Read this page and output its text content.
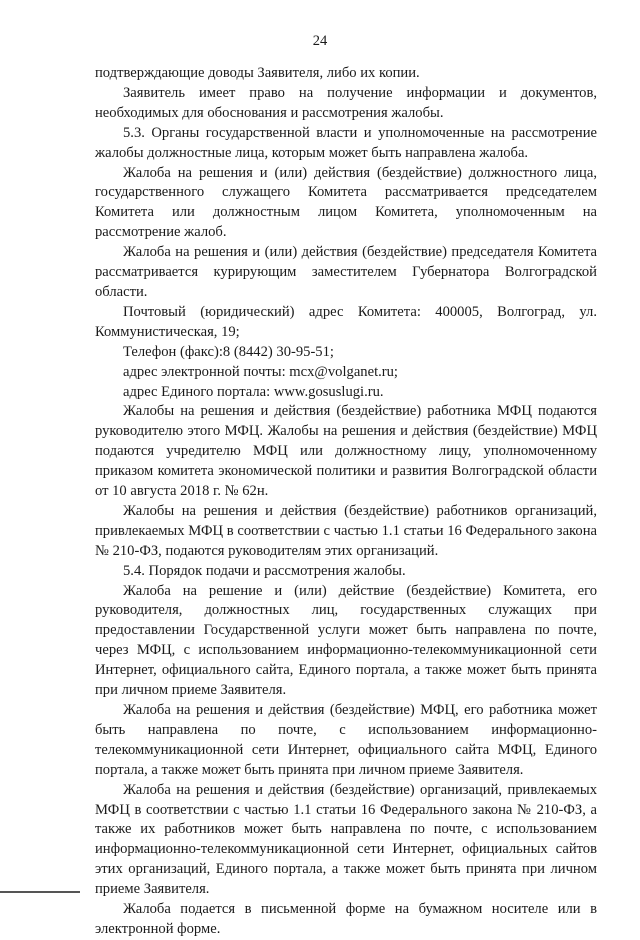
24

подтверждающие доводы Заявителя, либо их копии.

Заявитель имеет право на получение информации и документов, необходимых для обоснования и рассмотрения жалобы.

5.3. Органы государственной власти и уполномоченные на рассмотрение жалобы должностные лица, которым может быть направлена жалоба.

Жалоба на решения и (или) действия (бездействие) должностного лица, государственного служащего Комитета рассматривается председателем Комитета или должностным лицом Комитета, уполномоченным на рассмотрение жалоб.

Жалоба на решения и (или) действия (бездействие) председателя Комитета рассматривается курирующим заместителем Губернатора Волгоградской области.

Почтовый (юридический) адрес Комитета: 400005, Волгоград, ул. Коммунистическая, 19;

Телефон (факс):8 (8442) 30-95-51;

адрес электронной почты: mcx@volganet.ru;

адрес Единого портала: www.gosuslugi.ru.

Жалобы на решения и действия (бездействие) работника МФЦ подаются руководителю этого МФЦ. Жалобы на решения и действия (бездействие) МФЦ подаются учредителю МФЦ или должностному лицу, уполномоченному приказом комитета экономической политики и развития Волгоградской области от 10 августа 2018 г. № 62н.

Жалобы на решения и действия (бездействие) работников организаций, привлекаемых МФЦ в соответствии с частью 1.1 статьи 16 Федерального закона № 210-ФЗ, подаются руководителям этих организаций.

5.4. Порядок подачи и рассмотрения жалобы.

Жалоба на решение и (или) действие (бездействие) Комитета, его руководителя, должностных лиц, государственных служащих при предоставлении Государственной услуги может быть направлена по почте, через МФЦ, с использованием информационно-телекоммуникационной сети Интернет, официального сайта, Единого портала, а также может быть принята при личном приеме Заявителя.

Жалоба на решения и действия (бездействие) МФЦ, его работника может быть направлена по почте, с использованием информационно-телекоммуникационной сети Интернет, официального сайта МФЦ, Единого портала, а также может быть принята при личном приеме Заявителя.

Жалоба на решения и действия (бездействие) организаций, привлекаемых МФЦ в соответствии с частью 1.1 статьи 16 Федерального закона № 210-ФЗ, а также их работников может быть направлена по почте, с использованием информационно-телекоммуникационной сети Интернет, официальных сайтов этих организаций, Единого портала, а также может быть принята при личном приеме Заявителя.

Жалоба подается в письменной форме на бумажном носителе или в электронной форме.
